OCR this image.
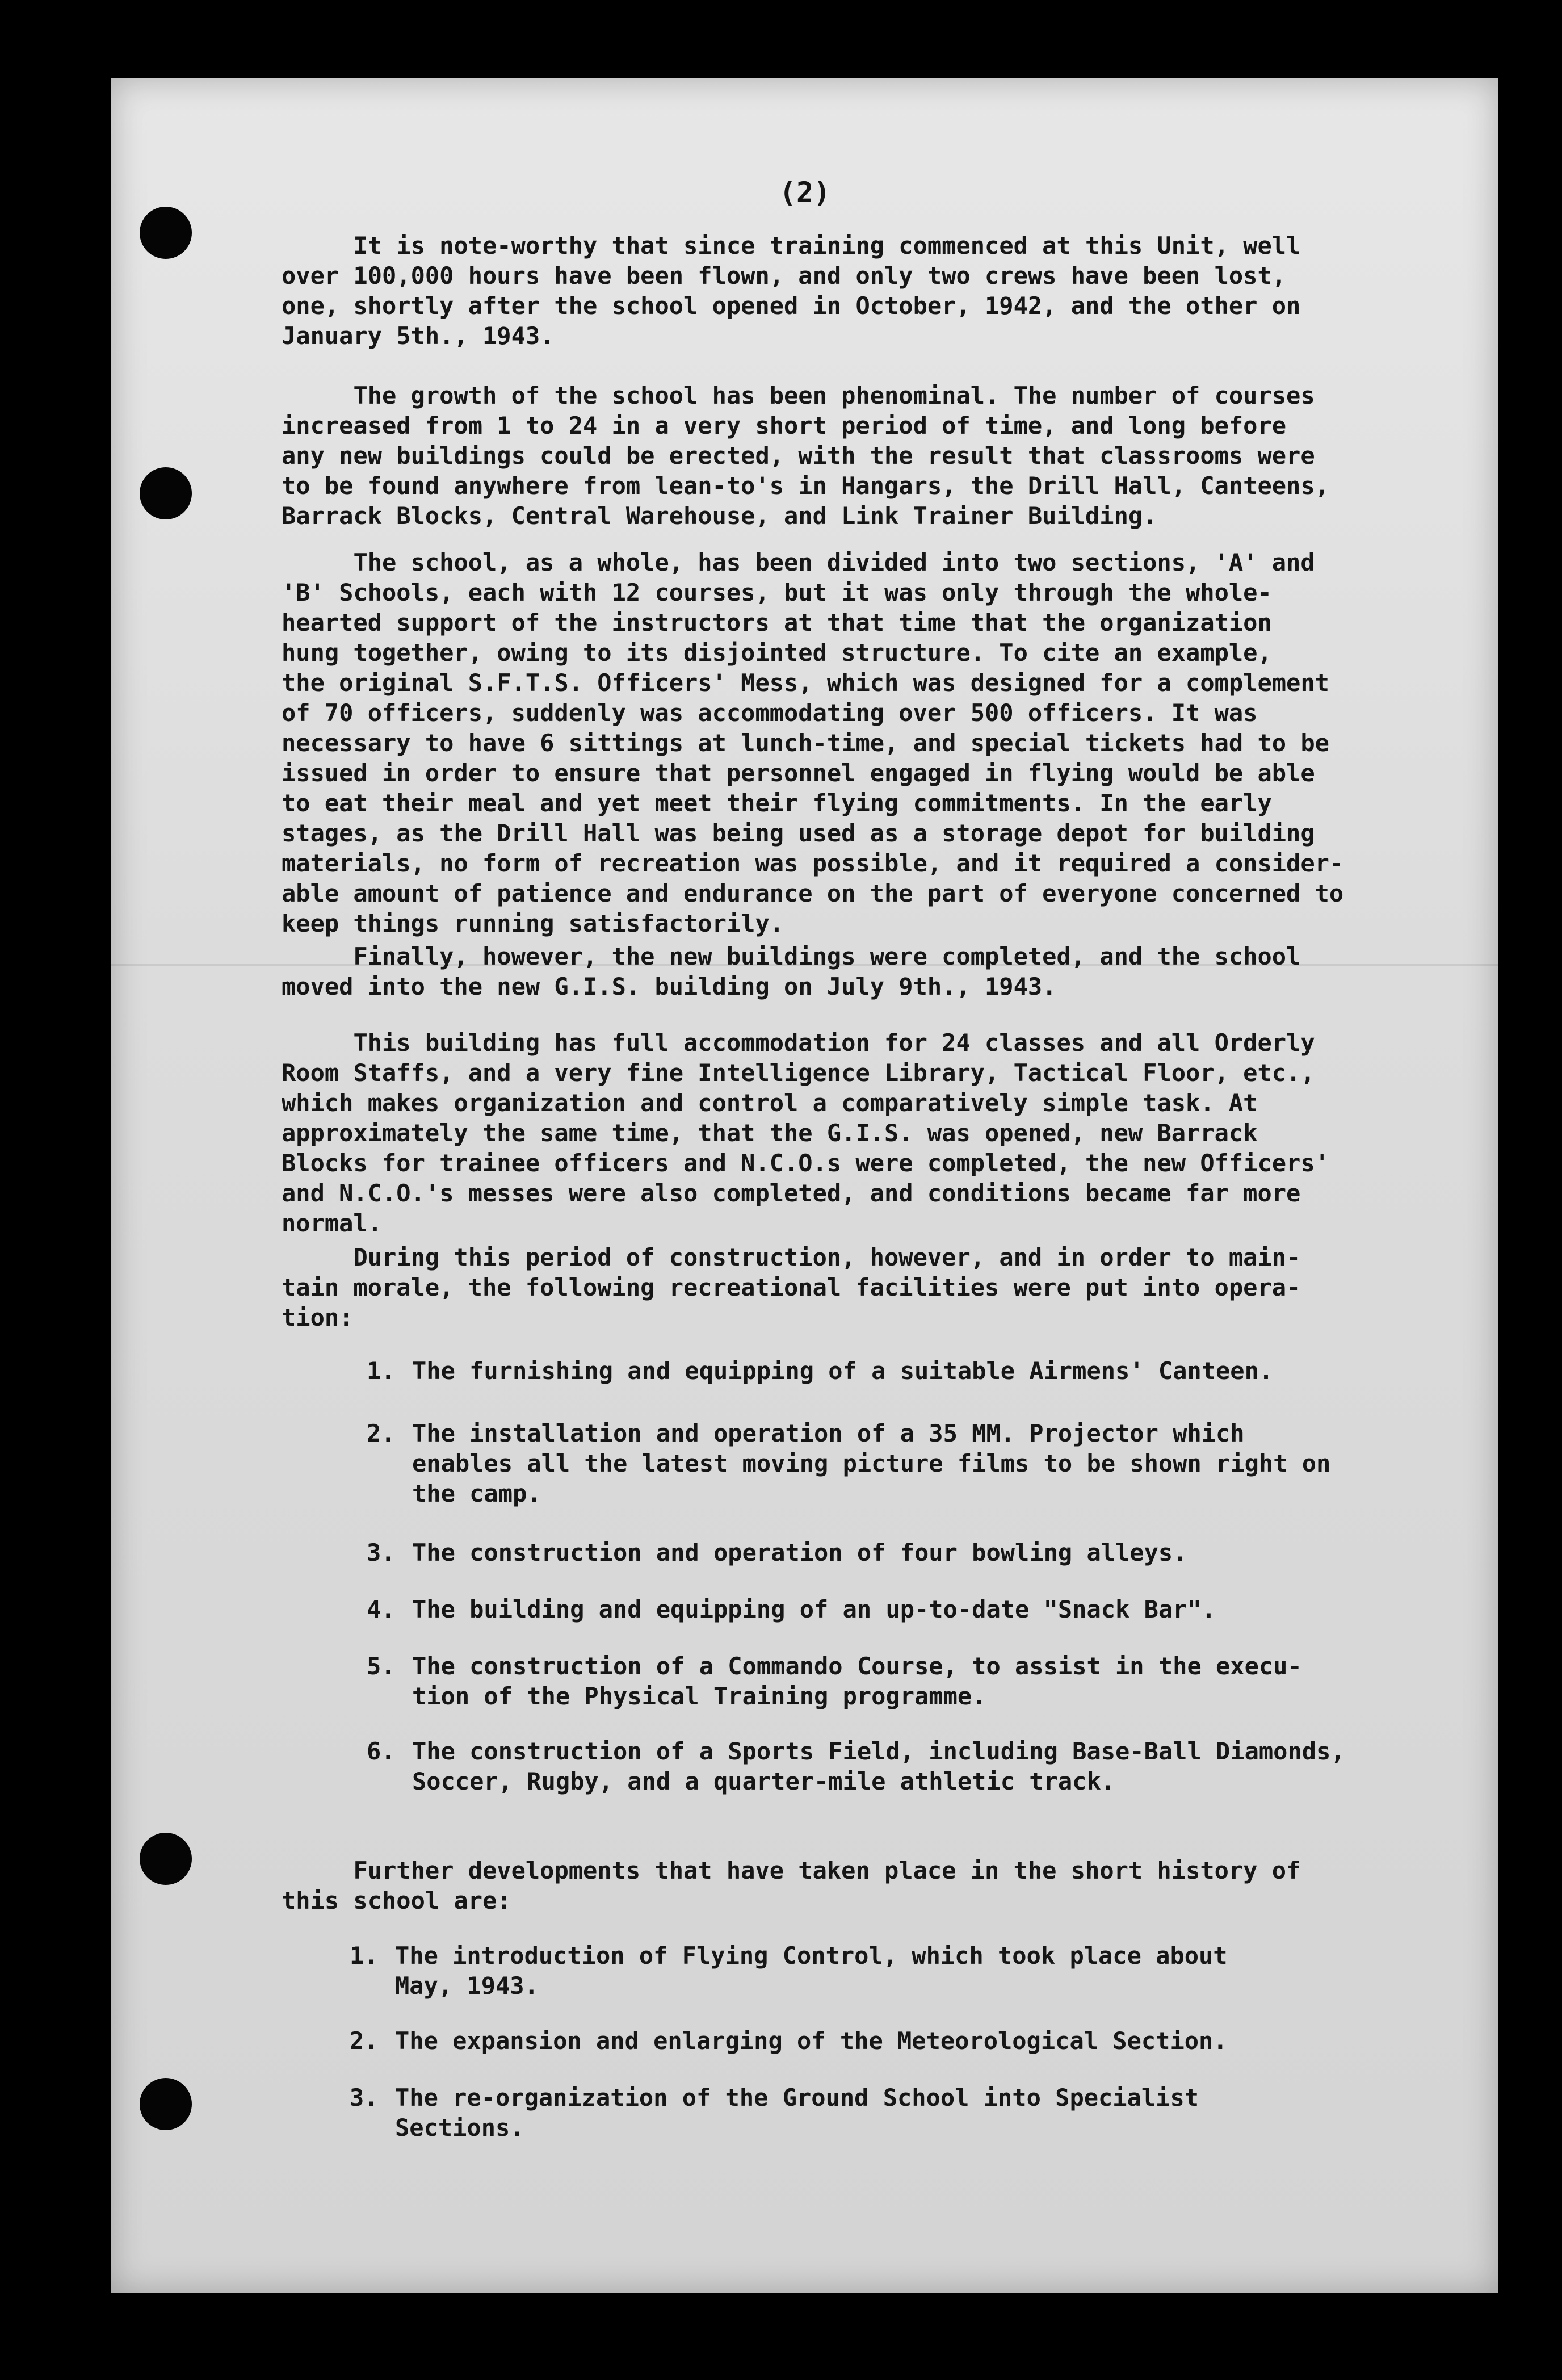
(2)

It is note-worthy that since training commenced at this Unit, well
over 100,000 hours have been flown, and only two crews have been lost,
one, shortly after the school opened in October, 1942, and the other on
January 5th., 1943.

The growth of the school has been phenominal. The number of courses
increased from 1 to 24 in a very short period of time, and long before
any new buildings could be erected, with the result that classrooms were
to be found anywhere from lean-to's in Hangars, the Drill Hall, Canteens,
Barrack Blocks, Central Warehouse, and Link Trainer Building.

The school, as a whole, has been divided into two sections, 'A' and
'B' Schools, each with 12 courses, but it was only through the whole-
hearted support of the instructors at that time that the organization
hung together, owing to its disjointed structure. To cite an example,
the original S.F.T.S. Officers' Mess, which was designed for a complement
of 70 officers, suddenly was accommodating over 500 officers. It was
necessary to have 6 sittings at lunch-time, and special tickets had to be
issued in order to ensure that personnel engaged in flying would be able
to eat their meal and yet meet their flying commitments. In the early
stages, as the Drill Hall was being used as a storage depot for building
materials, no form of recreation was possible, and it required a consider-
able amount of patience and endurance on the part of everyone concerned to
keep things running satisfactorily.

Finally, however, the new buildings were completed, and the school
moved into the new G.I.S. building on July 9th., 1943.

This building has full accommodation for 24 classes and all Orderly
Room Staffs, and a very fine Intelligence Library, Tactical Floor, etc.,
which makes organization and control a comparatively simple task. At
approximately the same time, that the G.I.S. was opened, new Barrack
Blocks for trainee officers and N.C.O.s were completed, the new Officers'
and N.C.O.'s messes were also completed, and conditions became far more
normal.

During this period of construction, however, and in order to main-
tain morale, the following recreational facilities were put into opera-
tion:

1. The furnishing and equipping of a suitable Airmens' Canteen.
2. The installation and operation of a 35 MM. Projector which
enables all the latest moving picture films to be shown right on
the camp.
3. The construction and operation of four bowling alleys.
4. The building and equipping of an up-to-date "Snack Bar".
5. The construction of a Commando Course, to assist in the execu-
tion of the Physical Training programme.
6. The construction of a Sports Field, including Base-Ball Diamonds,
Soccer, Rugby, and a quarter-mile athletic track.

Further developments that have taken place in the short history of
this school are:

1. The introduction of Flying Control, which took place about
May, 1943.
2. The expansion and enlarging of the Meteorological Section.
3. The re-organization of the Ground School into Specialist
Sections.
